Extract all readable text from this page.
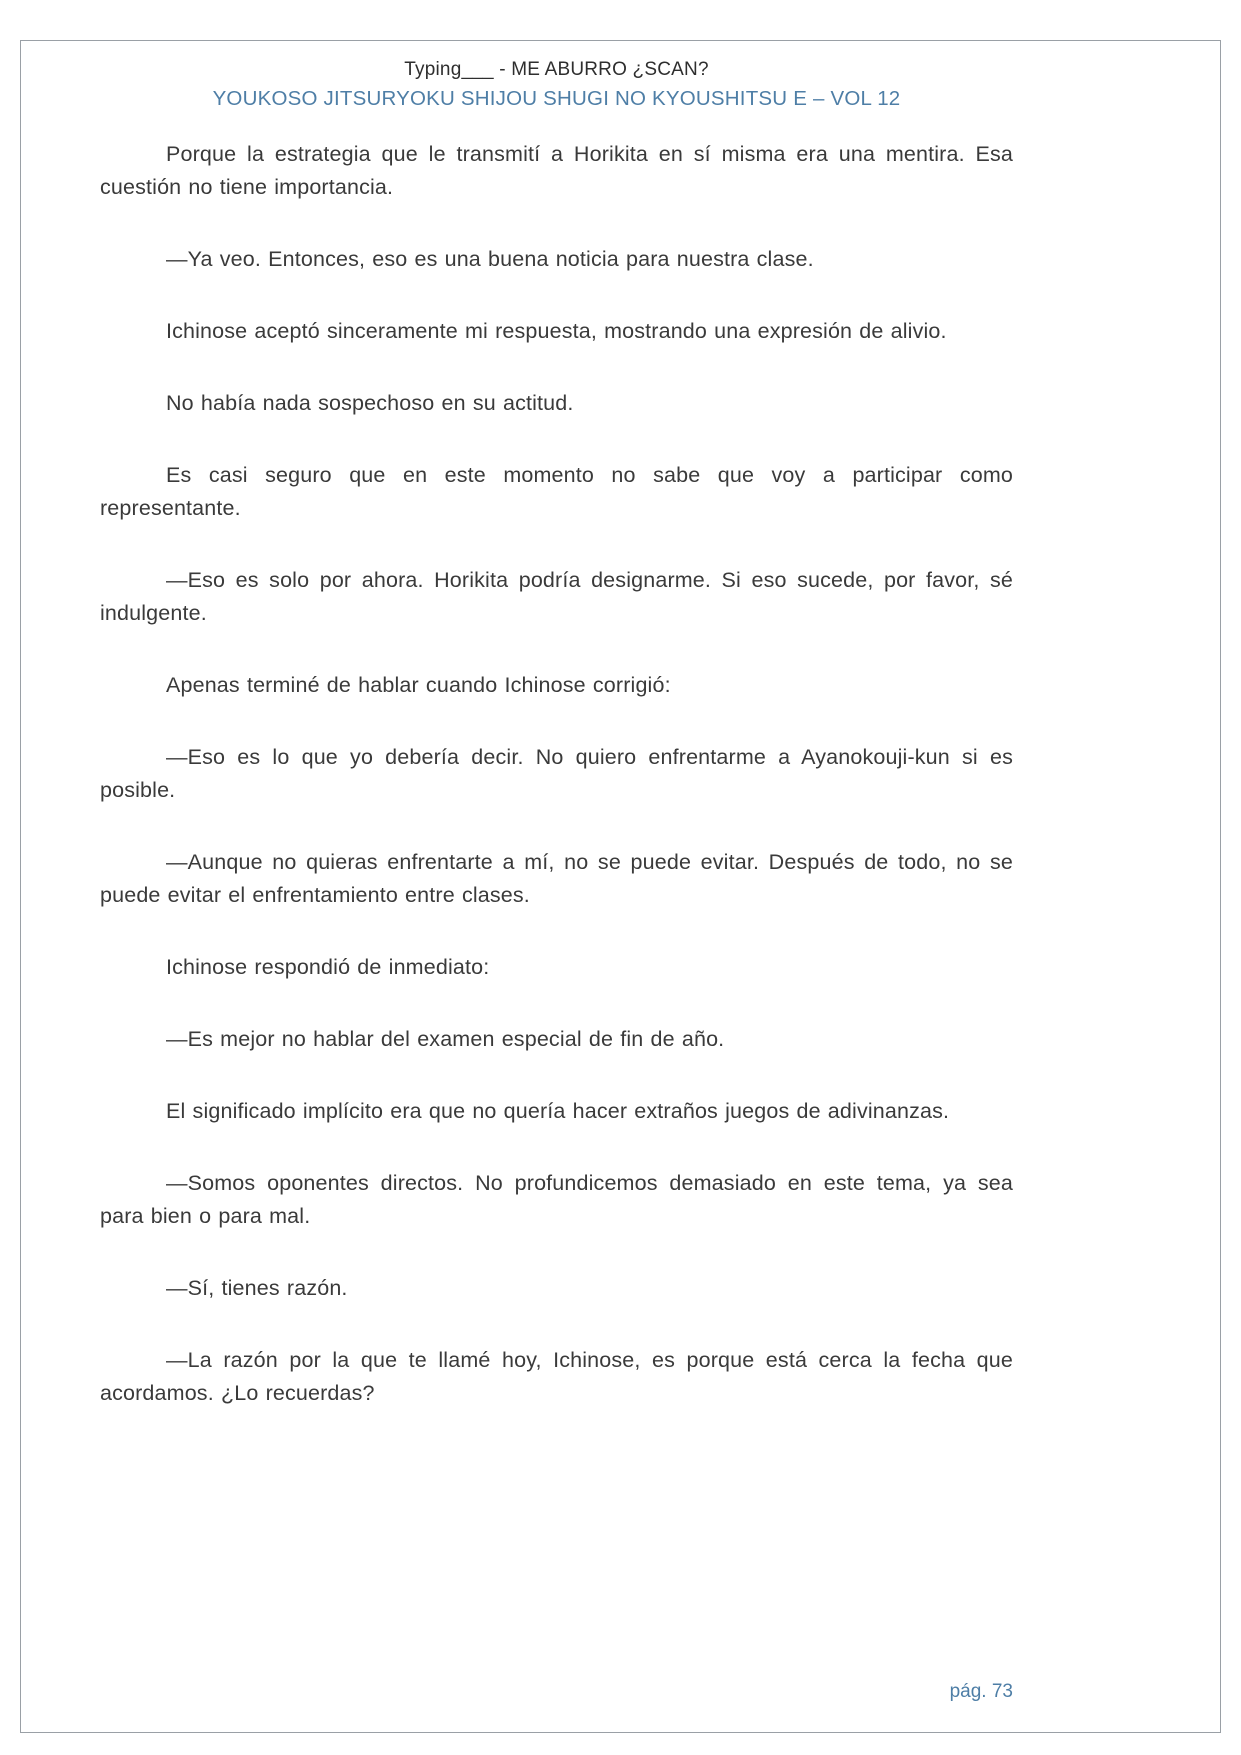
Typing___ - ME ABURRO ¿SCAN?
YOUKOSO JITSURYOKU SHIJOU SHUGI NO KYOUSHITSU E – VOL 12

Porque la estrategia que le transmití a Horikita en sí misma era una mentira. Esa cuestión no tiene importancia.

—Ya veo. Entonces, eso es una buena noticia para nuestra clase.

Ichinose aceptó sinceramente mi respuesta, mostrando una expresión de alivio.

No había nada sospechoso en su actitud.

Es casi seguro que en este momento no sabe que voy a participar como representante.

—Eso es solo por ahora. Horikita podría designarme. Si eso sucede, por favor, sé indulgente.

Apenas terminé de hablar cuando Ichinose corrigió:

—Eso es lo que yo debería decir. No quiero enfrentarme a Ayanokouji-kun si es posible.

—Aunque no quieras enfrentarte a mí, no se puede evitar. Después de todo, no se puede evitar el enfrentamiento entre clases.

Ichinose respondió de inmediato:

—Es mejor no hablar del examen especial de fin de año.

El significado implícito era que no quería hacer extraños juegos de adivinanzas.

—Somos oponentes directos. No profundicemos demasiado en este tema, ya sea para bien o para mal.

—Sí, tienes razón.

—La razón por la que te llamé hoy, Ichinose, es porque está cerca la fecha que acordamos. ¿Lo recuerdas?

pág. 73
